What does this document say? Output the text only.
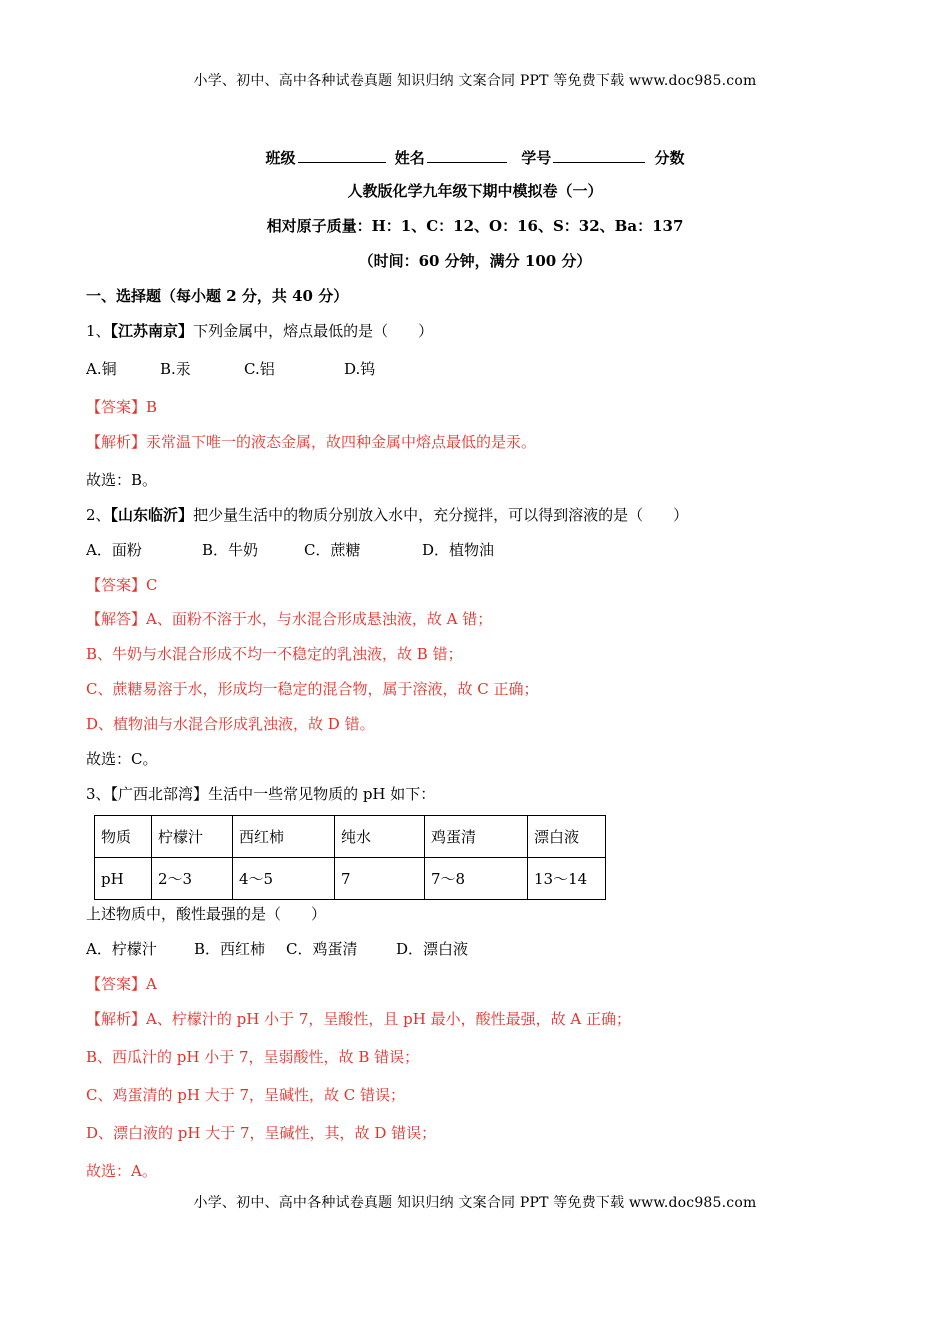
小学、初中、高中各种试卷真题 知识归纳 文案合同 PPT 等免费下载 www.doc985.com
班级	姓名	学号	分数
人教版化学九年级下期中模拟卷（一）
相对原子质量：H：1、C：12、O：16、S：32、Ba：137
（时间：60 分钟，满分 100 分）
一、选择题（每小题 2 分，共 40 分）
1、【江苏南京】下列金属中，熔点最低的是（　　）
A.铜	B.汞	C.铝	D.钨
【答案】B
【解析】汞常温下唯一的液态金属，故四种金属中熔点最低的是汞。
故选：B。
2、【山东临沂】把少量生活中的物质分别放入水中，充分搅拌，可以得到溶液的是（　　）
A．面粉	B．牛奶	C．蔗糖	D．植物油
【答案】C
【解答】A、面粉不溶于水，与水混合形成悬浊液，故 A 错；
B、牛奶与水混合形成不均一不稳定的乳浊液，故 B 错；
C、蔗糖易溶于水，形成均一稳定的混合物，属于溶液，故 C 正确；
D、植物油与水混合形成乳浊液，故 D 错。
故选：C。
3、【广西北部湾】生活中一些常见物质的 pH 如下：
物质	柠檬汁	西红柿	纯水	鸡蛋清	漂白液
pH	2～3	4～5	7	7～8	13～14
上述物质中，酸性最强的是（　　）
A．柠檬汁 B．西红柿 C．鸡蛋清	D．漂白液
【答案】A
【解析】A、柠檬汁的 pH 小于 7，呈酸性，且 pH 最小，酸性最强，故 A 正确；
B、西瓜汁的 pH 小于 7，呈弱酸性，故 B 错误；
C、鸡蛋清的 pH 大于 7，呈碱性，故 C 错误；
D、漂白液的 pH 大于 7，呈碱性，其，故 D 错误；
故选：A。
小学、初中、高中各种试卷真题 知识归纳 文案合同 PPT 等免费下载 www.doc985.com
